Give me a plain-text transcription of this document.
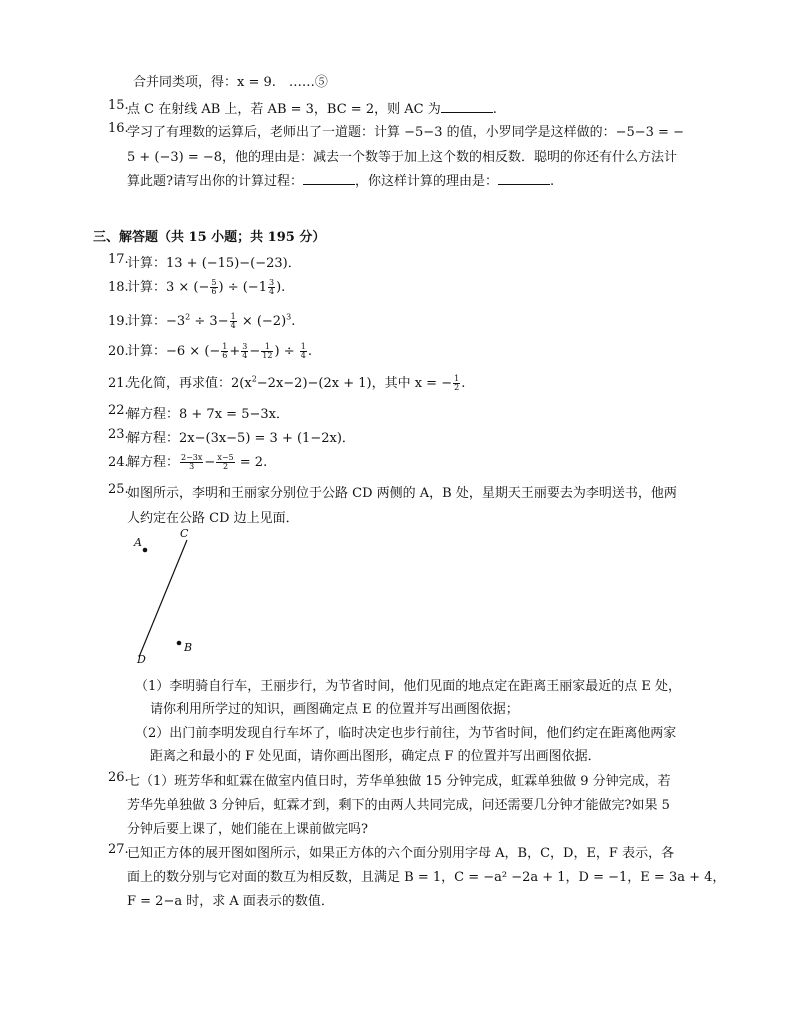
合并同类项，得：x = 9.　……⑤
15.
点 C 在射线 AB 上，若 AB = 3，BC = 2，则 AC 为	.
16.
学习了有理数的运算后，老师出了一道题：计算 −5−3 的值，小罗同学是这样做的：−5−3 = −
5 + (−3) = −8，他的理由是：减去一个数等于加上这个数的相反数．聪明的你还有什么方法计
算此题?请写出你的计算过程：	，你这样计算的理由是：	.
三、解答题（共 15 小题；共 195 分）
17.
计算：13 + (−15)−(−23)．
18.
计算：3 × (− $\frac{5}{6}$ ) ÷ ($-1 \frac{3}{4}$ ).
19.
计算：$-3^2 \div 3- \frac{1}{4} \times (-2)^3$.
20.
计算：−6 × (− $\frac{1}{6} + \frac{3}{4} - \frac{1}{12}$ ) ÷ $\frac{1}{4}$ .
21.
先化简，再求值：$2(x^2-2x-2)-(2x + 1)$，其中 x = − $\frac{1}{2}$ .
22.
解方程：8 + 7x = 5−3x．
23.
解方程：2x−(3x−5) = 3 + (1−2x)．
24.
解方程： $\frac{2-3x}{3} - \frac{x-5}{2} = 2$.
25.
如图所示，李明和王丽家分别位于公路 CD 两侧的 A，B 处，星期天王丽要去为李明送书，他两
人约定在公路 CD 边上见面．
A
C
B
D
（1）李明骑自行车，王丽步行，为节省时间，他们见面的地点定在距离王丽家最近的点 E 处，
请你利用所学过的知识，画图确定点 E 的位置并写出画图依据；
（2）出门前李明发现自行车坏了，临时决定也步行前往，为节省时间，他们约定在距离他两家
距离之和最小的 F 处见面，请你画出图形，确定点 F 的位置并写出画图依据．
26.
七（1）班芳华和虹霖在做室内值日时，芳华单独做 15 分钟完成，虹霖单独做 9 分钟完成，若
芳华先单独做 3 分钟后，虹霖才到，剩下的由两人共同完成，问还需要几分钟才能做完?如果 5
分钟后要上课了，她们能在上课前做完吗?
27.
已知正方体的展开图如图所示，如果正方体的六个面分别用字母 A，B，C，D，E，F 表示，各
面上的数分别与它对面的数互为相反数，且满足 B = 1，C = −a² −2a + 1，D = −1，E = 3a + 4，
F = 2−a 时，求 A 面表示的数值．
